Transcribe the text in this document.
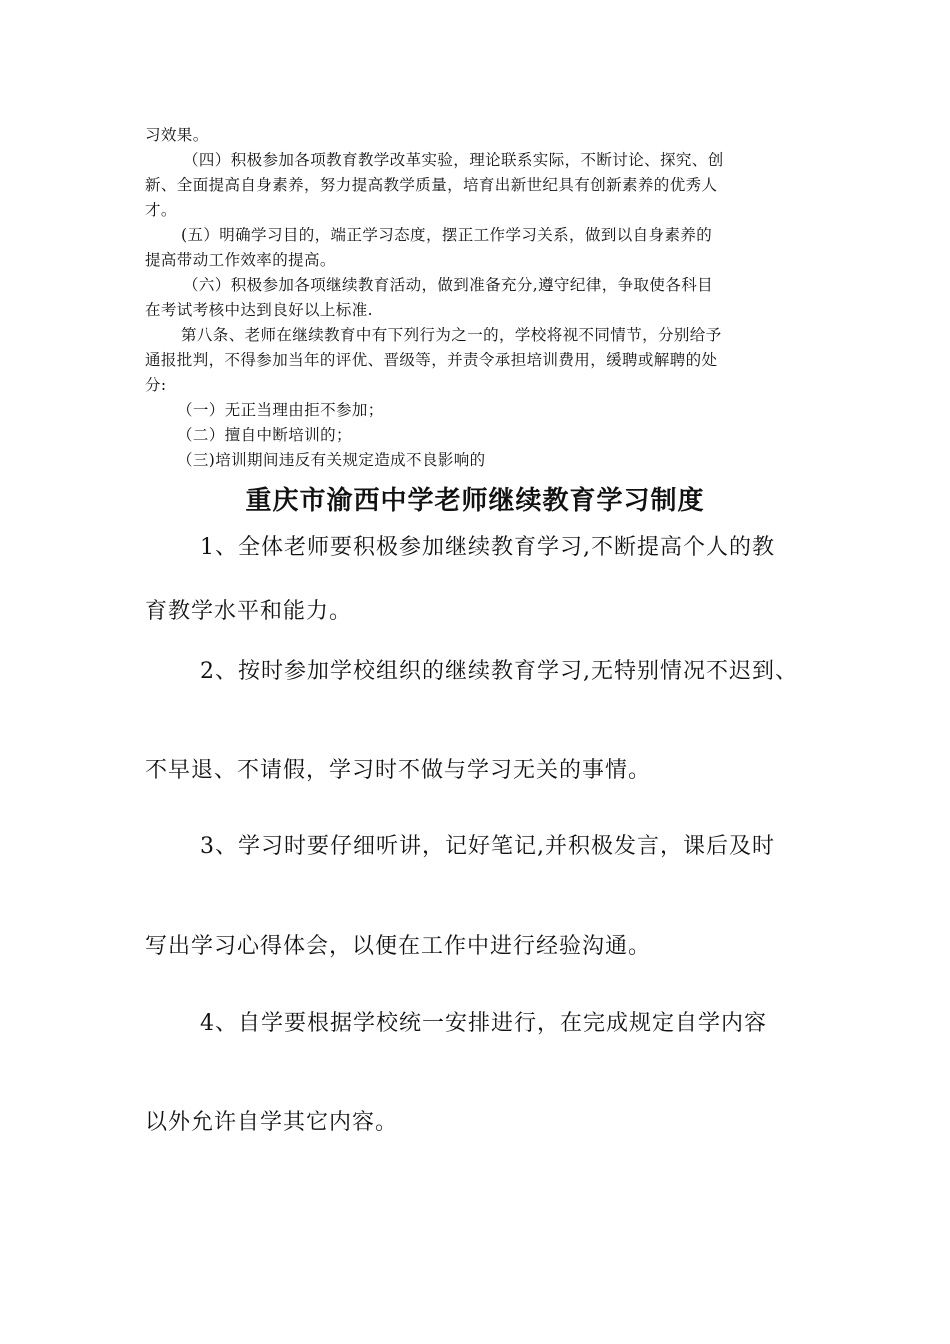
习效果。
（四）积极参加各项教育教学改革实验，理论联系实际，不断讨论、探究、创
新、全面提高自身素养，努力提高教学质量，培育出新世纪具有创新素养的优秀人
才。
(五）明确学习目的，端正学习态度，摆正工作学习关系，做到以自身素养的
提高带动工作效率的提高。
（六）积极参加各项继续教育活动，做到准备充分,遵守纪律，争取使各科目
在考试考核中达到良好以上标准.
第八条、老师在继续教育中有下列行为之一的，学校将视不同情节，分别给予
通报批判，不得参加当年的评优、晋级等，并责令承担培训费用，缓聘或解聘的处
分:
（一）无正当理由拒不参加；
（二）擅自中断培训的；
（三)培训期间违反有关规定造成不良影响的
重庆市渝西中学老师继续教育学习制度
1、全体老师要积极参加继续教育学习,不断提高个人的教
育教学水平和能力。
2、按时参加学校组织的继续教育学习,无特别情况不迟到、
不早退、不请假，学习时不做与学习无关的事情。
3、学习时要仔细听讲，记好笔记,并积极发言，课后及时
写出学习心得体会，以便在工作中进行经验沟通。
4、自学要根据学校统一安排进行，在完成规定自学内容
以外允许自学其它内容。
